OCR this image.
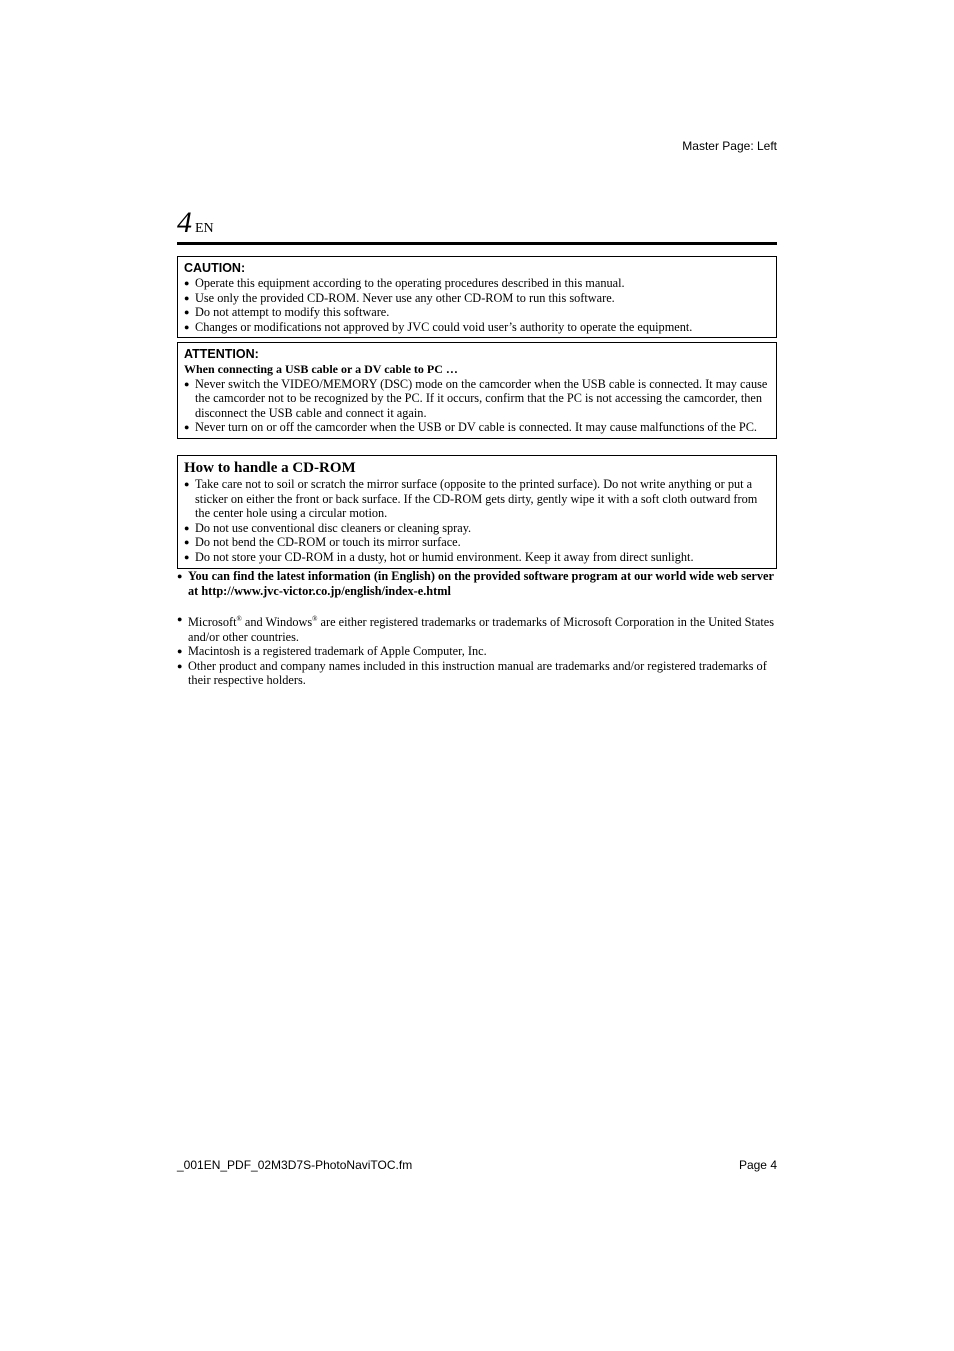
Master Page: Left
4 EN
CAUTION:
● Operate this equipment according to the operating procedures described in this manual.
● Use only the provided CD-ROM. Never use any other CD-ROM to run this software.
● Do not attempt to modify this software.
● Changes or modifications not approved by JVC could void user’s authority to operate the equipment.
ATTENTION:
When connecting a USB cable or a DV cable to PC …
● Never switch the VIDEO/MEMORY (DSC) mode on the camcorder when the USB cable is connected. It may cause the camcorder not to be recognized by the PC. If it occurs, confirm that the PC is not accessing the camcorder, then disconnect the USB cable and connect it again.
● Never turn on or off the camcorder when the USB or DV cable is connected. It may cause malfunctions of the PC.
How to handle a CD-ROM
● Take care not to soil or scratch the mirror surface (opposite to the printed surface). Do not write anything or put a sticker on either the front or back surface. If the CD-ROM gets dirty, gently wipe it with a soft cloth outward from the center hole using a circular motion.
● Do not use conventional disc cleaners or cleaning spray.
● Do not bend the CD-ROM or touch its mirror surface.
● Do not store your CD-ROM in a dusty, hot or humid environment. Keep it away from direct sunlight.
● You can find the latest information (in English) on the provided software program at our world wide web server at http://www.jvc-victor.co.jp/english/index-e.html
● Microsoft® and Windows® are either registered trademarks or trademarks of Microsoft Corporation in the United States and/or other countries.
● Macintosh is a registered trademark of Apple Computer, Inc.
● Other product and company names included in this instruction manual are trademarks and/or registered trademarks of their respective holders.
_001EN_PDF_02M3D7S-PhotoNaviTOC.fm	Page 4
